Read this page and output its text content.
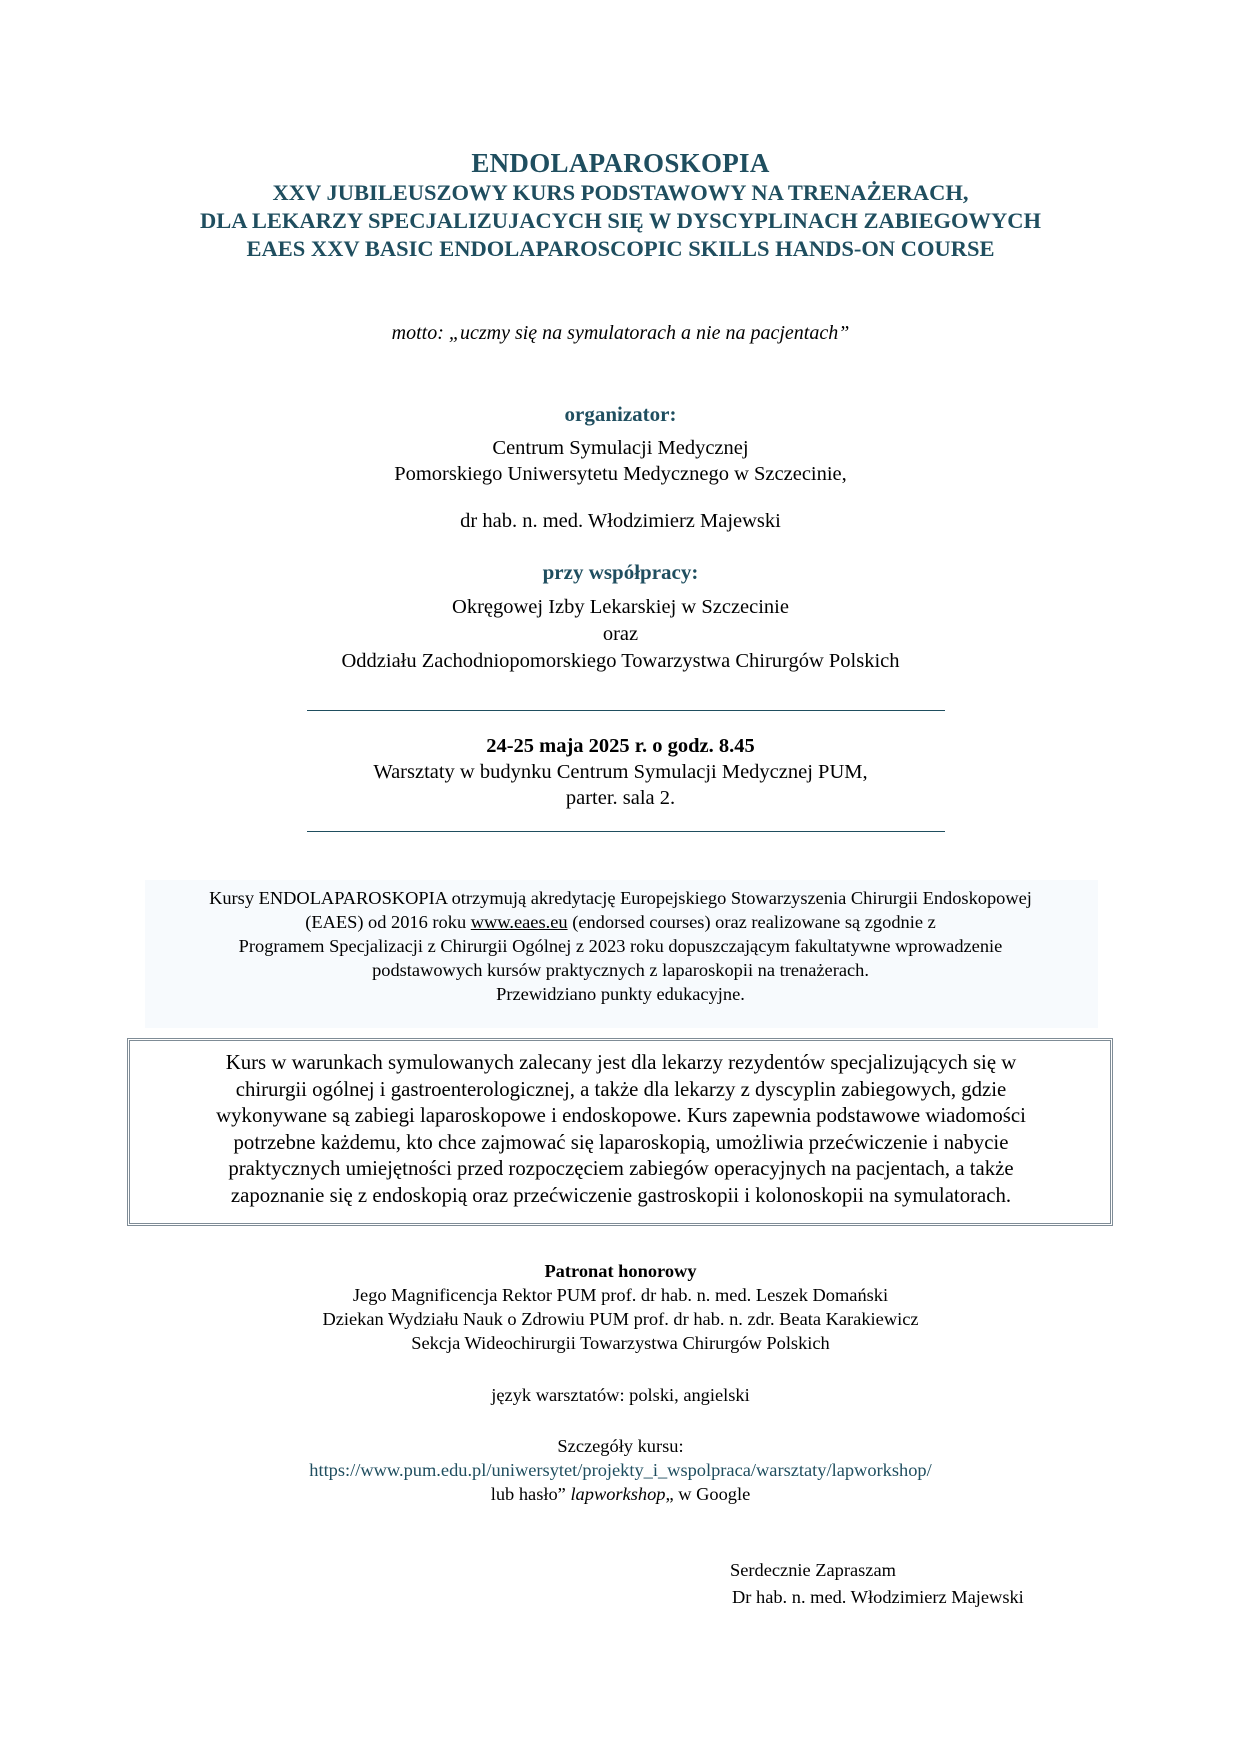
ENDOLAPAROSKOPIA
XXV JUBILEUSZOWY KURS PODSTAWOWY NA TRENAŻERACH,
DLA LEKARZY SPECJALIZUJACYCH SIĘ W DYSCYPLINACH ZABIEGOWYCH
EAES XXV BASIC ENDOLAPAROSCOPIC SKILLS HANDS-ON COURSE
motto: „uczmy się na symulatorach a nie na pacjentach”
organizator:
Centrum Symulacji Medycznej
Pomorskiego Uniwersytetu Medycznego w Szczecinie,
dr hab. n. med. Włodzimierz Majewski
przy współpracy:
Okręgowej Izby Lekarskiej w Szczecinie
oraz
Oddziału Zachodniopomorskiego Towarzystwa Chirurgów Polskich
24-25 maja 2025 r. o godz. 8.45
Warsztaty w budynku Centrum Symulacji Medycznej PUM,
parter. sala 2.
Kursy ENDOLAPAROSKOPIA otrzymują akredytację Europejskiego Stowarzyszenia Chirurgii Endoskopowej
(EAES) od 2016 roku www.eaes.eu (endorsed courses) oraz realizowane są zgodnie z
Programem Specjalizacji z Chirurgii Ogólnej z 2023 roku dopuszczającym fakultatywne wprowadzenie
podstawowych kursów praktycznych z laparoskopii na trenażerach.
Przewidziano punkty edukacyjne.
Kurs w warunkach symulowanych zalecany jest dla lekarzy rezydentów specjalizujących się w
chirurgii ogólnej i gastroenterologicznej, a także dla lekarzy z dyscyplin zabiegowych, gdzie
wykonywane są zabiegi laparoskopowe i endoskopowe. Kurs zapewnia podstawowe wiadomości
potrzebne każdemu, kto chce zajmować się laparoskopią, umożliwia przećwiczenie i nabycie
praktycznych umiejętności przed rozpoczęciem zabiegów operacyjnych na pacjentach, a także
zapoznanie się z endoskopią oraz przećwiczenie gastroskopii i kolonoskopii na symulatorach.
Patronat honorowy
Jego Magnificencja Rektor PUM prof. dr hab. n. med. Leszek Domański
Dziekan Wydziału Nauk o Zdrowiu PUM prof. dr hab. n. zdr. Beata Karakiewicz
Sekcja Wideochirurgii Towarzystwa Chirurgów Polskich
język warsztatów: polski, angielski
Szczegóły kursu:
https://www.pum.edu.pl/uniwersytet/projekty_i_wspolpraca/warsztaty/lapworkshop/
lub hasło” lapworkshop„ w Google
Serdecznie Zapraszam
Dr hab. n. med. Włodzimierz Majewski
